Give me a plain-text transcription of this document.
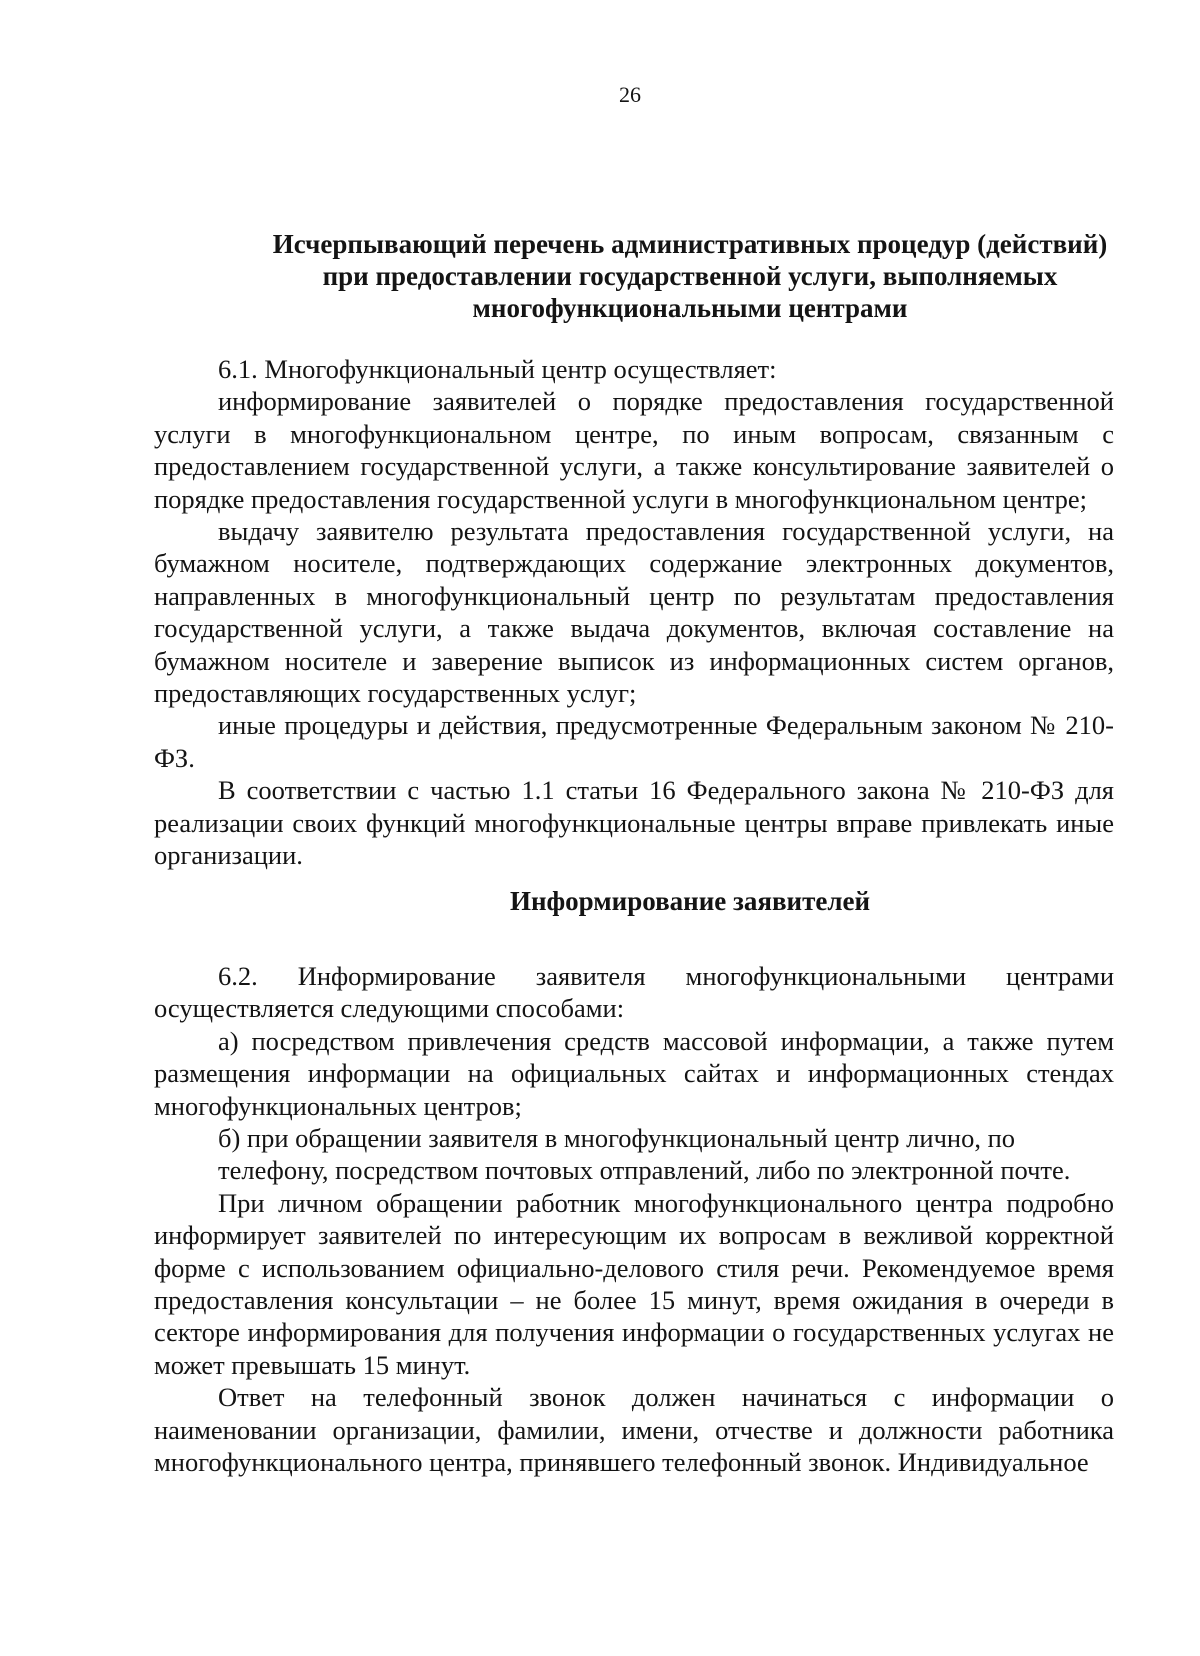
26
Исчерпывающий перечень административных процедур (действий)
при предоставлении государственной услуги, выполняемых
многофункциональными центрами

6.1. Многофункциональный центр осуществляет:

информирование заявителей о порядке предоставления государственной услуги в многофункциональном центре, по иным вопросам, связанным с предоставлением государственной услуги, а также консультирование заявителей о порядке предоставления государственной услуги в многофункциональном центре;

выдачу заявителю результата предоставления государственной услуги, на бумажном носителе, подтверждающих содержание электронных документов, направленных в многофункциональный центр по результатам предоставления государственной услуги, а также выдача документов, включая составление на бумажном носителе и заверение выписок из информационных систем органов, предоставляющих государственных услуг;

иные процедуры и действия, предусмотренные Федеральным законом № 210-ФЗ.

В соответствии с частью 1.1 статьи 16 Федерального закона № 210-ФЗ для реализации своих функций многофункциональные центры вправе привлекать иные организации.

Информирование заявителей

6.2. Информирование заявителя многофункциональными центрами осуществляется следующими способами:

а) посредством привлечения средств массовой информации, а также путем размещения информации на официальных сайтах и информационных стендах многофункциональных центров;

б) при обращении заявителя в многофункциональный центр лично, по

телефону, посредством почтовых отправлений, либо по электронной почте.

При личном обращении работник многофункционального центра подробно информирует заявителей по интересующим их вопросам в вежливой корректной форме с использованием официально-делового стиля речи. Рекомендуемое время предоставления консультации – не более 15 минут, время ожидания в очереди в секторе информирования для получения информации о государственных услугах не может превышать 15 минут.

Ответ на телефонный звонок должен начинаться с информации о наименовании организации, фамилии, имени, отчестве и должности работника многофункционального центра, принявшего телефонный звонок. Индивидуальное
